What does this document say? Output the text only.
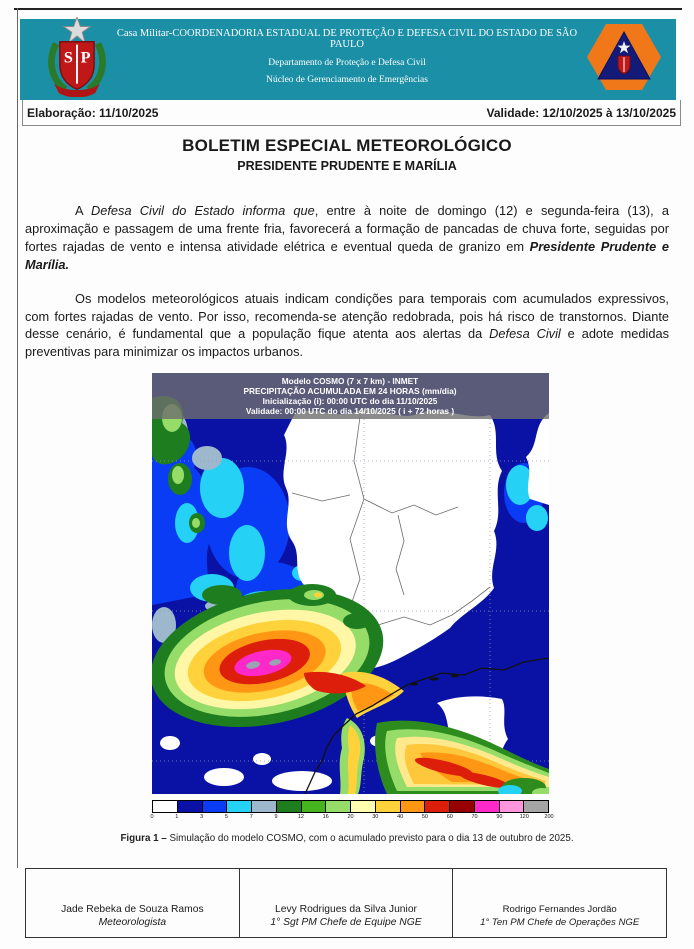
S P
Casa Militar-COORDENADORIA ESTADUAL DE PROTEÇÃO E DEFESA CIVIL DO ESTADO DE SÃO PAULO
Departamento de Proteção e Defesa Civil
Núcleo de Gerenciamento de Emergências
Elaboração: 11/10/2025	Validade: 12/10/2025 à 13/10/2025
BOLETIM ESPECIAL METEOROLÓGICO
PRESIDENTE PRUDENTE E MARÍLIA

A Defesa Civil do Estado informa que, entre à noite de domingo (12) e segunda-feira (13), a aproximação e passagem de uma frente fria, favorecerá a formação de pancadas de chuva forte, seguidas por fortes rajadas de vento e intensa atividade elétrica e eventual queda de granizo em Presidente Prudente e Marília.

Os modelos meteorológicos atuais indicam condições para temporais com acumulados expressivos, com fortes rajadas de vento. Por isso, recomenda-se atenção redobrada, pois há risco de transtornos. Diante desse cenário, é fundamental que a população fique atenta aos alertas da Defesa Civil e adote medidas preventivas para minimizar os impactos urbanos.

Modelo COSMO (7 x 7 km) - INMET
PRECIPITAÇÃO ACUMULADA EM 24 HORAS (mm/dia)
Inicialização (i): 00:00 UTC do dia 11/10/2025
Validade: 00:00 UTC do dia 14/10/2025 ( i + 72 horas )
0	1	3	5	7	9	12	16	20	30	40	50	60	70	90	120	200
Figura 1 – Simulação do modelo COSMO, com o acumulado previsto para o dia 13 de outubro de 2025.
Jade Rebeka de Souza Ramos
Meteorologista
Levy Rodrigues da Silva Junior
1° Sgt PM Chefe de Equipe NGE
Rodrigo Fernandes Jordão
1° Ten PM Chefe de Operações NGE
